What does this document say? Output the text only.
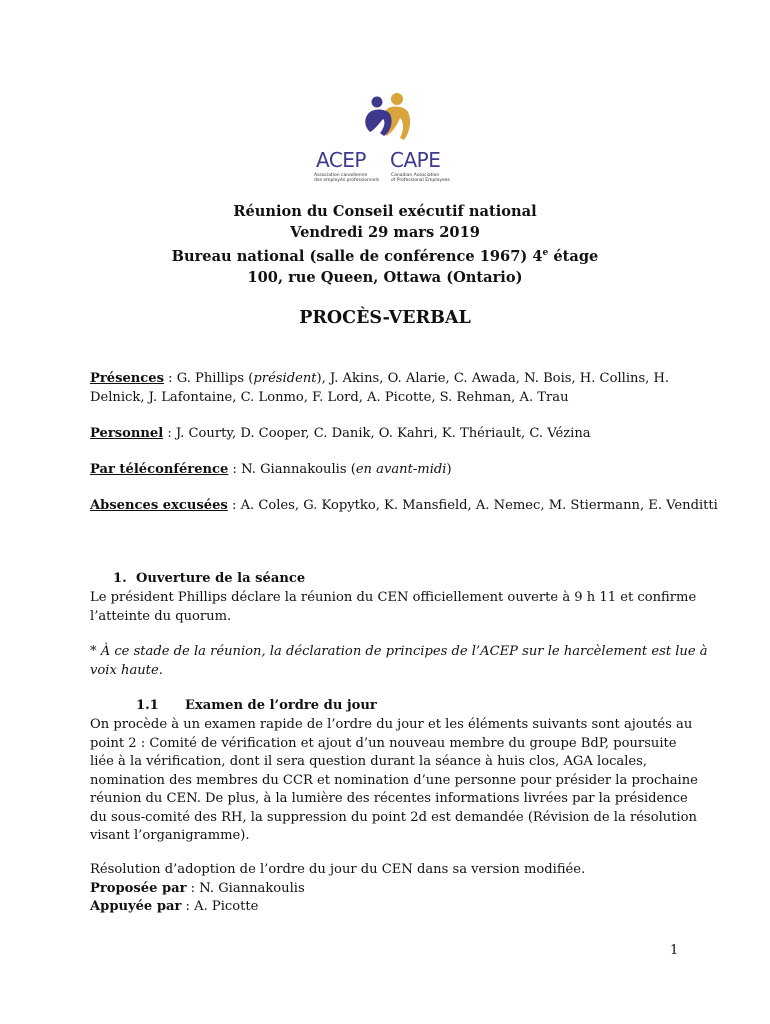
ACEP CAPE
Association canadienne
des employés professionnels
Canadian Association
of Professional Employees
Réunion du Conseil exécutif national
Vendredi 29 mars 2019
Bureau national (salle de conférence 1967) 4e étage
100, rue Queen, Ottawa (Ontario)
PROCÈS-VERBAL
Présences : G. Phillips (président), J. Akins, O. Alarie, C. Awada, N. Bois, H. Collins, H.
Delnick, J. Lafontaine, C. Lonmo, F. Lord, A. Picotte, S. Rehman, A. Trau
Personnel : J. Courty, D. Cooper, C. Danik, O. Kahri, K. Thériault, C. Vézina
Par téléconférence : N. Giannakoulis (en avant-midi)
Absences excusées : A. Coles, G. Kopytko, K. Mansfield, A. Nemec, M. Stiermann, E. Venditti
1. Ouverture de la séance
Le président Phillips déclare la réunion du CEN officiellement ouverte à 9 h 11 et confirme
l’atteinte du quorum.
* À ce stade de la réunion, la déclaration de principes de l’ACEP sur le harcèlement est lue à
voix haute.
1.1 Examen de l’ordre du jour
On procède à un examen rapide de l’ordre du jour et les éléments suivants sont ajoutés au
point 2 : Comité de vérification et ajout d’un nouveau membre du groupe BdP, poursuite
liée à la vérification, dont il sera question durant la séance à huis clos, AGA locales,
nomination des membres du CCR et nomination d’une personne pour présider la prochaine
réunion du CEN. De plus, à la lumière des récentes informations livrées par la présidence
du sous-comité des RH, la suppression du point 2d est demandée (Révision de la résolution
visant l’organigramme).
Résolution d’adoption de l’ordre du jour du CEN dans sa version modifiée.
Proposée par : N. Giannakoulis
Appuyée par : A. Picotte
1
